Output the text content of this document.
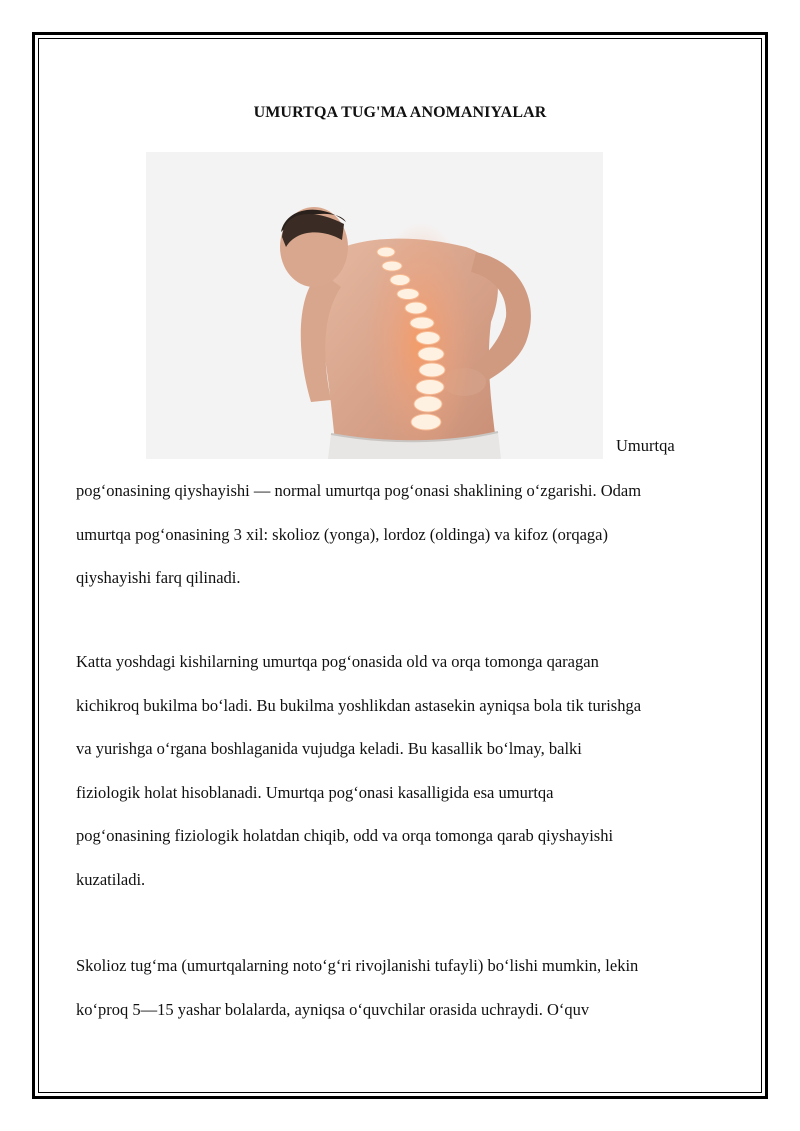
UMURTQA TUG'MA ANOMANIYALAR
Umurtqa

pog‘onasining qiyshayishi — normal umurtqa pog‘onasi shaklining o‘zgarishi. Odam
umurtqa pog‘onasining 3 xil: skolioz (yonga), lordoz (oldinga) va kifoz (orqaga)
qiyshayishi farq qilinadi.

Katta yoshdagi kishilarning umurtqa pog‘onasida old va orqa tomonga qaragan
kichikroq bukilma bo‘ladi. Bu bukilma yoshlikdan astasekin ayniqsa bola tik turishga
va yurishga o‘rgana boshlaganida vujudga keladi. Bu kasallik bo‘lmay, balki
fiziologik holat hisoblanadi. Umurtqa pog‘onasi kasalligida esa umurtqa
pog‘onasining fiziologik holatdan chiqib, odd va orqa tomonga qarab qiyshayishi
kuzatiladi.

Skolioz tug‘ma (umurtqalarning noto‘g‘ri rivojlanishi tufayli) bo‘lishi mumkin, lekin
ko‘proq 5—15 yashar bolalarda, ayniqsa o‘quvchilar orasida uchraydi. O‘quv
